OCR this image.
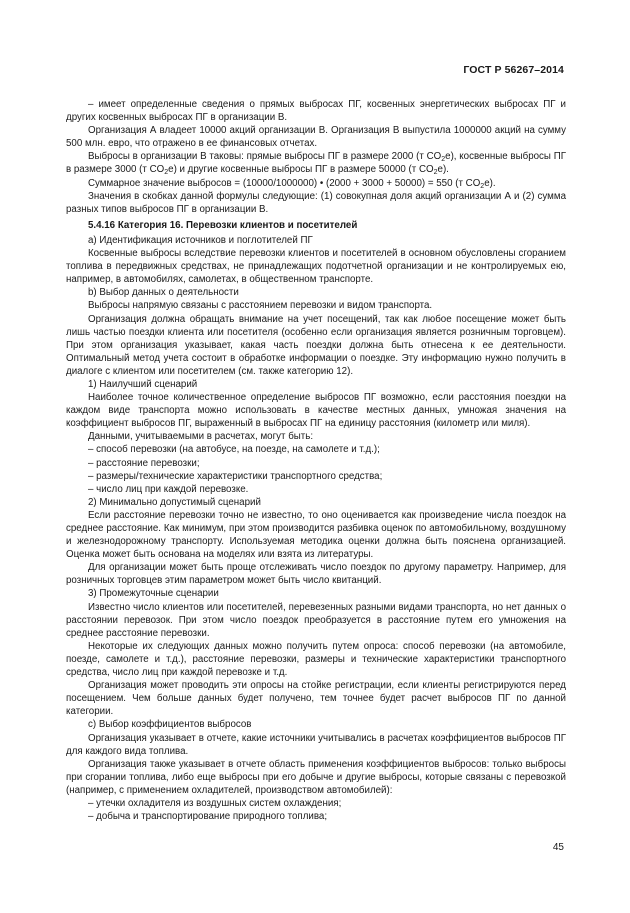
ГОСТ Р 56267–2014

– имеет определенные сведения о прямых выбросах ПГ, косвенных энергетических выбросах ПГ и других косвенных выбросах ПГ в организации В.

Организация А владеет 10000 акций организации В. Организация В выпустила 1000000 акций на сумму 500 млн. евро, что отражено в ее финансовых отчетах.

Выбросы в организации В таковы: прямые выбросы ПГ в размере 2000 (т $CO_2e$), косвенные выбросы ПГ в размере 3000 (т $CO_2e$) и другие косвенные выбросы ПГ в размере 50000 (т $CO_2e$).

Суммарное значение выбросов = (10000/1000000) • (2000 + 3000 + 50000) = 550 (т $CO_2e$).

Значения в скобках данной формулы следующие: (1) совокупная доля акций организации А и (2) сумма разных типов выбросов ПГ в организации В.

5.4.16 Категория 16. Перевозки клиентов и посетителей

а) Идентификация источников и поглотителей ПГ

Косвенные выбросы вследствие перевозки клиентов и посетителей в основном обусловлены сгоранием топлива в передвижных средствах, не принадлежащих подотчетной организации и не контролируемых ею, например, в автомобилях, самолетах, в общественном транспорте.

b) Выбор данных о деятельности

Выбросы напрямую связаны с расстоянием перевозки и видом транспорта.

Организация должна обращать внимание на учет посещений, так как любое посещение может быть лишь частью поездки клиента или посетителя (особенно если организация является розничным торговцем). При этом организация указывает, какая часть поездки должна быть отнесена к ее деятельности. Оптимальный метод учета состоит в обработке информации о поездке. Эту информацию нужно получить в диалоге с клиентом или посетителем (см. также категорию 12).

1) Наилучший сценарий

Наиболее точное количественное определение выбросов ПГ возможно, если расстояния поездки на каждом виде транспорта можно использовать в качестве местных данных, умножая значения на коэффициент выбросов ПГ, выраженный в выбросах ПГ на единицу расстояния (километр или миля).

Данными, учитываемыми в расчетах, могут быть:

– способ перевозки (на автобусе, на поезде, на самолете и т.д.);

– расстояние перевозки;

– размеры/технические характеристики транспортного средства;

– число лиц при каждой перевозке.

2) Минимально допустимый сценарий

Если расстояние перевозки точно не известно, то оно оценивается как произведение числа поездок на среднее расстояние. Как минимум, при этом производится разбивка оценок по автомобильному, воздушному и железнодорожному транспорту. Используемая методика оценки должна быть пояснена организацией. Оценка может быть основана на моделях или взята из литературы.

Для организации может быть проще отслеживать число поездок по другому параметру. Например, для розничных торговцев этим параметром может быть число квитанций.

3) Промежуточные сценарии

Известно число клиентов или посетителей, перевезенных разными видами транспорта, но нет данных о расстоянии перевозок. При этом число поездок преобразуется в расстояние путем его умножения на среднее расстояние перевозки.

Некоторые их следующих данных можно получить путем опроса: способ перевозки (на автомобиле, поезде, самолете и т.д.), расстояние перевозки, размеры и технические характеристики транспортного средства, число лиц при каждой перевозке и т.д.

Организация может проводить эти опросы на стойке регистрации, если клиенты регистрируются перед посещением. Чем больше данных будет получено, тем точнее будет расчет выбросов ПГ по данной категории.

с) Выбор коэффициентов выбросов

Организация указывает в отчете, какие источники учитывались в расчетах коэффициентов выбросов ПГ для каждого вида топлива.

Организация также указывает в отчете область применения коэффициентов выбросов: только выбросы при сгорании топлива, либо еще выбросы при его добыче и другие выбросы, которые связаны с перевозкой (например, с применением охладителей, производством автомобилей):

– утечки охладителя из воздушных систем охлаждения;

– добыча и транспортирование природного топлива;

45
